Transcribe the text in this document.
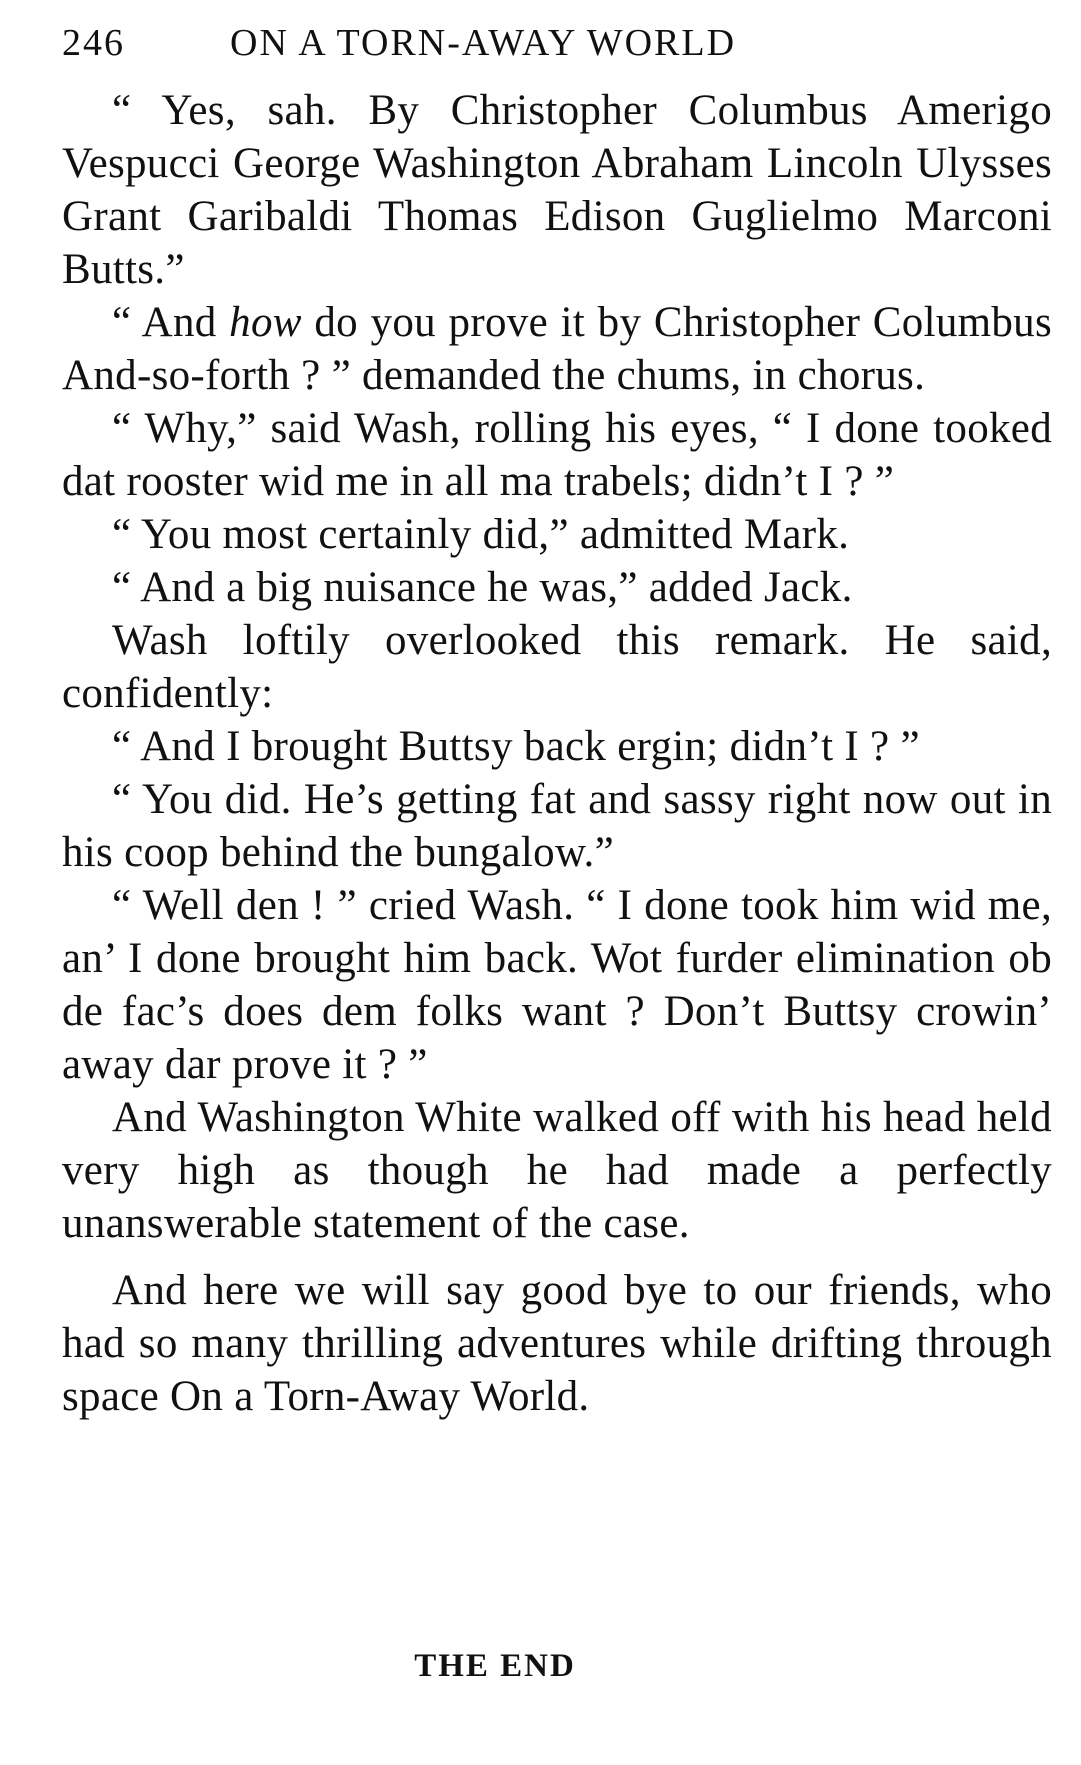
246	ON A TORN-AWAY WORLD

“ Yes, sah. By Christopher Columbus Amerigo Vespucci George Washington Abraham Lincoln Ulysses Grant Garibaldi Thomas Edison Guglielmo Marconi Butts.”

“ And how do you prove it by Christopher Columbus And-so-forth ? ” demanded the chums, in chorus.

“ Why,” said Wash, rolling his eyes, “ I done tooked dat rooster wid me in all ma trabels; didn’t I ? ”

“ You most certainly did,” admitted Mark.

“ And a big nuisance he was,” added Jack.

Wash loftily overlooked this remark. He said, confidently:

“ And I brought Buttsy back ergin; didn’t I ? ”

“ You did. He’s getting fat and sassy right now out in his coop behind the bungalow.”

“ Well den ! ” cried Wash. “ I done took him wid me, an’ I done brought him back. Wot furder elimination ob de fac’s does dem folks want ? Don’t Buttsy crowin’ away dar prove it ? ”

And Washington White walked off with his head held very high as though he had made a perfectly unanswerable statement of the case.

And here we will say good bye to our friends, who had so many thrilling adventures while drifting through space On a Torn-Away World.

THE END
